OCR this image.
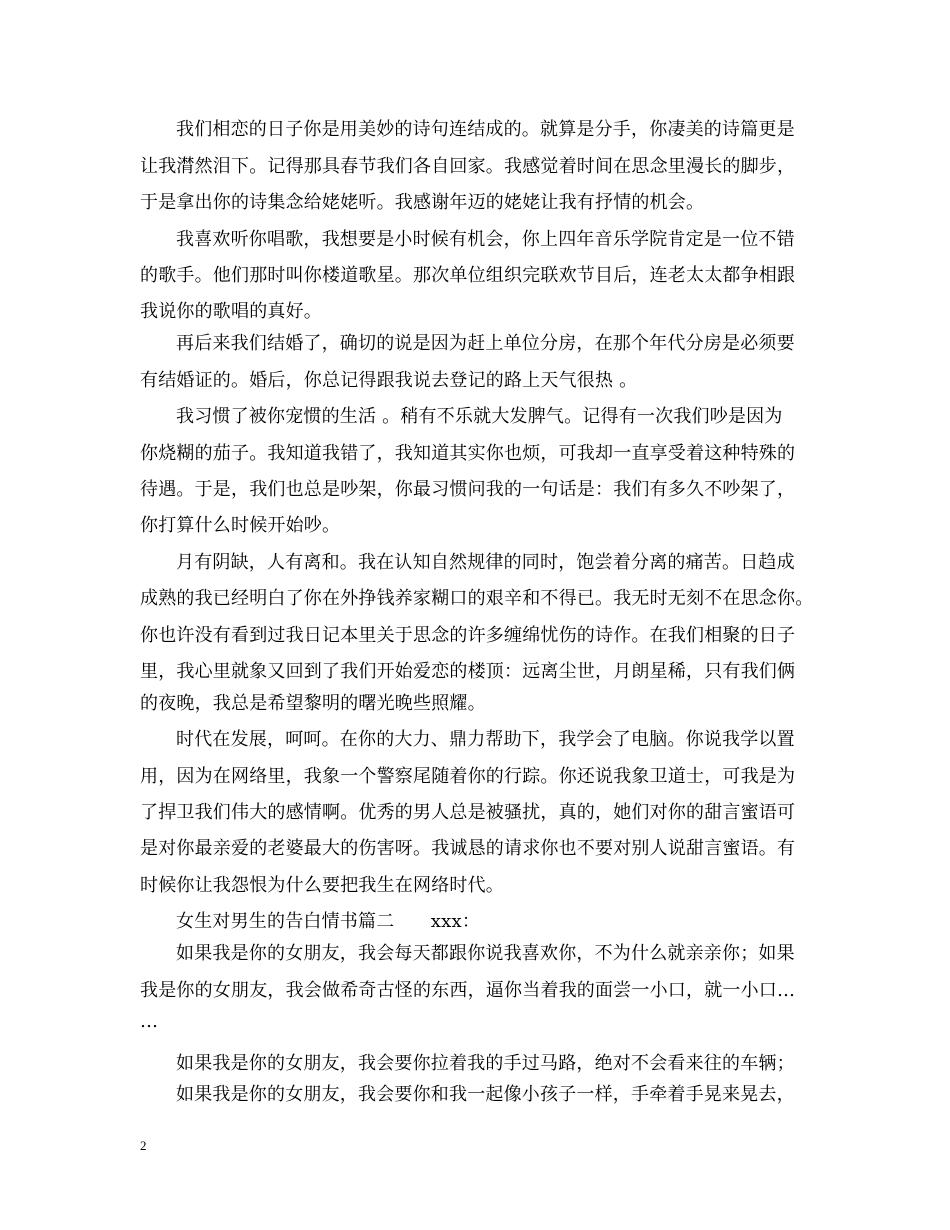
我们相恋的日子你是用美妙的诗句连结成的。就算是分手，你凄美的诗篇更是
让我潸然泪下。记得那具春节我们各自回家。我感觉着时间在思念里漫长的脚步，
于是拿出你的诗集念给姥姥听。我感谢年迈的姥姥让我有抒情的机会。
我喜欢听你唱歌，我想要是小时候有机会，你上四年音乐学院肯定是一位不错
的歌手。他们那时叫你楼道歌星。那次单位组织完联欢节目后，连老太太都争相跟
我说你的歌唱的真好。
再后来我们结婚了，确切的说是因为赶上单位分房，在那个年代分房是必须要
有结婚证的。婚后，你总记得跟我说去登记的路上天气很热 。
我习惯了被你宠惯的生活 。稍有不乐就大发脾气。记得有一次我们吵是因为
你烧糊的茄子。我知道我错了，我知道其实你也烦，可我却一直享受着这种特殊的
待遇。于是，我们也总是吵架，你最习惯问我的一句话是：我们有多久不吵架了，
你打算什么时候开始吵。
月有阴缺，人有离和。我在认知自然规律的同时，饱尝着分离的痛苦。日趋成
成熟的我已经明白了你在外挣钱养家糊口的艰辛和不得已。我无时无刻不在思念你。
你也许没有看到过我日记本里关于思念的许多缠绵忧伤的诗作。在我们相聚的日子
里，我心里就象又回到了我们开始爱恋的楼顶：远离尘世，月朗星稀，只有我们俩
的夜晚，我总是希望黎明的曙光晚些照耀。
时代在发展，呵呵。在你的大力、鼎力帮助下，我学会了电脑。你说我学以置
用，因为在网络里，我象一个警察尾随着你的行踪。你还说我象卫道士，可我是为
了捍卫我们伟大的感情啊。优秀的男人总是被骚扰，真的，她们对你的甜言蜜语可
是对你最亲爱的老婆最大的伤害呀。我诚恳的请求你也不要对别人说甜言蜜语。有
时候你让我怨恨为什么要把我生在网络时代。
女生对男生的告白情书篇二　　xxx：
如果我是你的女朋友，我会每天都跟你说我喜欢你，不为什么就亲亲你；如果
我是你的女朋友，我会做希奇古怪的东西，逼你当着我的面尝一小口，就一小口…
…
如果我是你的女朋友，我会要你拉着我的手过马路，绝对不会看来往的车辆；
如果我是你的女朋友，我会要你和我一起像小孩子一样，手牵着手晃来晃去，
2
